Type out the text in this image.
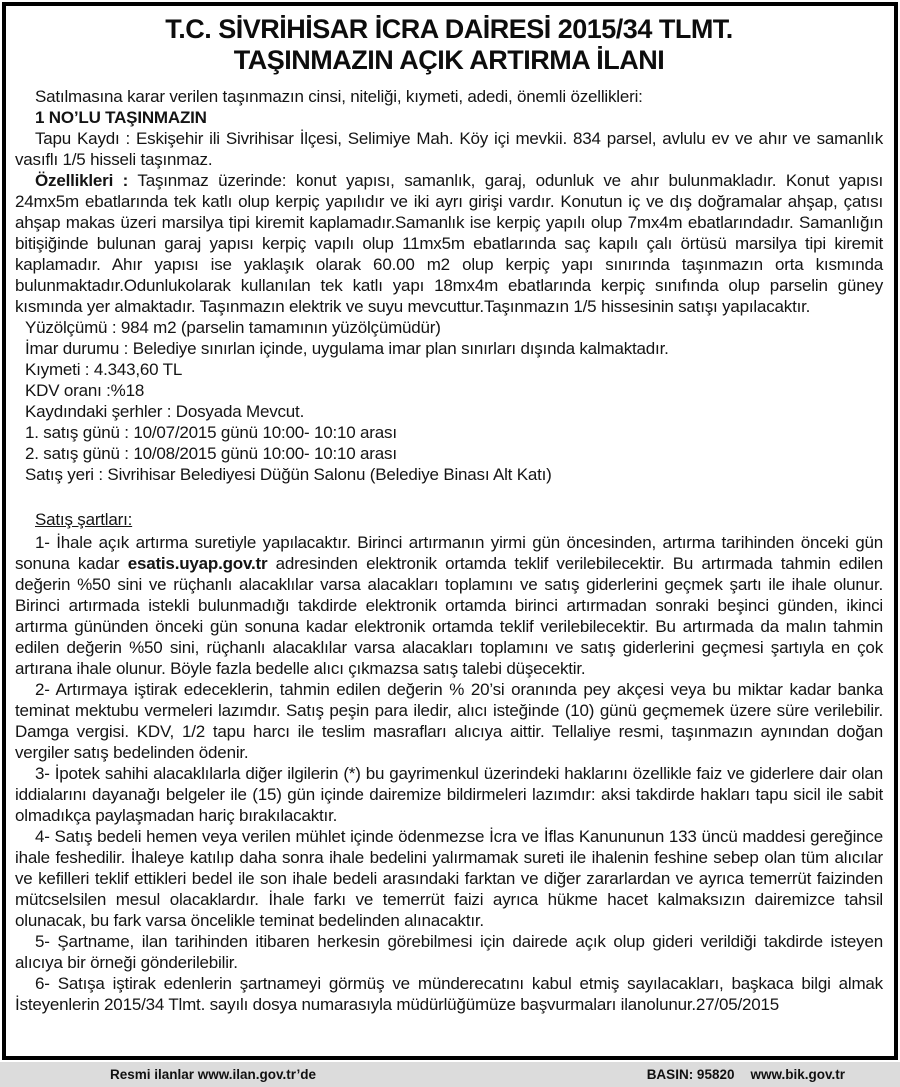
T.C. SİVRİHİSAR İCRA DAİRESİ 2015/34 TLMT.
TAŞINMAZIN AÇIK ARTIRMA İLANI

Satılmasına karar verilen taşınmazın cinsi, niteliği, kıymeti, adedi, önemli özellikleri:

1 NO’LU TAŞINMAZIN

Tapu Kaydı : Eskişehir ili Sivrihisar İlçesi, Selimiye Mah. Köy içi mevkii. 834 parsel, avlulu ev ve ahır ve samanlık vasıflı 1/5 hisseli taşınmaz.

Özellikleri : Taşınmaz üzerinde: konut yapısı, samanlık, garaj, odunluk ve ahır bulunmakladır. Konut yapısı 24mx5m ebatlarında tek katlı olup kerpiç yapılıdır ve iki ayrı girişi vardır. Konutun iç ve dış doğramalar ahşap, çatısı ahşap makas üzeri marsilya tipi kiremit kaplamadır.Samanlık ise kerpiç yapılı olup 7mx4m ebatlarındadır. Samanlığın bitişiğinde bulunan garaj yapısı kerpiç vapılı olup 11mx5m ebatlarında saç kapılı çalı örtüsü marsilya tipi kiremit kaplamadır. Ahır yapısı ise yaklaşık olarak 60.00 m2 olup kerpiç yapı sınırında taşınmazın orta kısmında bulunmaktadır.Odunlukolarak kullanılan tek katlı yapı 18mx4m ebatlarında kerpiç sınıfında olup parselin güney kısmında yer almaktadır. Taşınmazın elektrik ve suyu mevcuttur.Taşınmazın 1/5 hissesinin satışı yapılacaktır.

Yüzölçümü : 984 m2 (parselin tamamının yüzölçümüdür)

İmar durumu : Belediye sınırlan içinde, uygulama imar plan sınırları dışında kalmaktadır.

Kıymeti : 4.343,60 TL

KDV oranı :%18

Kaydındaki şerhler : Dosyada Mevcut.

1. satış günü : 10/07/2015 günü 10:00- 10:10 arası

2. satış günü : 10/08/2015 günü 10:00- 10:10 arası

Satış yeri : Sivrihisar Belediyesi Düğün Salonu (Belediye Binası Alt Katı)

Satış şartları:

1- İhale açık artırma suretiyle yapılacaktır. Birinci artırmanın yirmi gün öncesinden, artırma tarihinden önceki gün sonuna kadar esatis.uyap.gov.tr adresinden elektronik ortamda teklif verilebilecektir. Bu artırmada tahmin edilen değerin %50 sini ve rüçhanlı alacaklılar varsa alacakları toplamını ve satış giderlerini geçmek şartı ile ihale olunur. Birinci artırmada istekli bulunmadığı takdirde elektronik ortamda birinci artırmadan sonraki beşinci günden, ikinci artırma gününden önceki gün sonuna kadar elektronik ortamda teklif verilebilecektir. Bu artırmada da malın tahmin edilen değerin %50 sini, rüçhanlı alacaklılar varsa alacakları toplamını ve satış giderlerini geçmesi şartıyla en çok artırana ihale olunur. Böyle fazla bedelle alıcı çıkmazsa satış talebi düşecektir.

2- Artırmaya iştirak edeceklerin, tahmin edilen değerin % 20’si oranında pey akçesi veya bu miktar kadar banka teminat mektubu vermeleri lazımdır. Satış peşin para iledir, alıcı isteğinde (10) günü geçmemek üzere süre verilebilir. Damga vergisi. KDV, 1/2 tapu harcı ile teslim masrafları alıcıya aittir. Tellaliye resmi, taşınmazın aynından doğan vergiler satış bedelinden ödenir.

3- İpotek sahihi alacaklılarla diğer ilgilerin (*) bu gayrimenkul üzerindeki haklarını özellikle faiz ve giderlere dair olan iddialarını dayanağı belgeler ile (15) gün içinde dairemize bildirmeleri lazımdır: aksi takdirde hakları tapu sicil ile sabit olmadıkça paylaşmadan hariç bırakılacaktır.

4- Satış bedeli hemen veya verilen mühlet içinde ödenmezse İcra ve İflas Kanununun 133 üncü maddesi gereğince ihale feshedilir. İhaleye katılıp daha sonra ihale bedelini yalırmamak sureti ile ihalenin feshine sebep olan tüm alıcılar ve kefilleri teklif ettikleri bedel ile son ihale bedeli arasındaki farktan ve diğer zararlardan ve ayrıca temerrüt faizinden mütcselsilen mesul olacaklardır. İhale farkı ve temerrüt faizi ayrıca hükme hacet kalmaksızın dairemizce tahsil olunacak, bu fark varsa öncelikle teminat bedelinden alınacaktır.

5- Şartname, ilan tarihinden itibaren herkesin görebilmesi için dairede açık olup gideri verildiği takdirde isteyen alıcıya bir örneği gönderilebilir.

6- Satışa iştirak edenlerin şartnameyi görmüş ve münderecatını kabul etmiş sayılacakları, başkaca bilgi almak İsteyenlerin 2015/34 Tlmt. sayılı dosya numarasıyla müdürlüğümüze başvurmaları ilanolunur.27/05/2015

Resmi ilanlar www.ilan.gov.tr’de	BASIN: 95820 www.bik.gov.tr
